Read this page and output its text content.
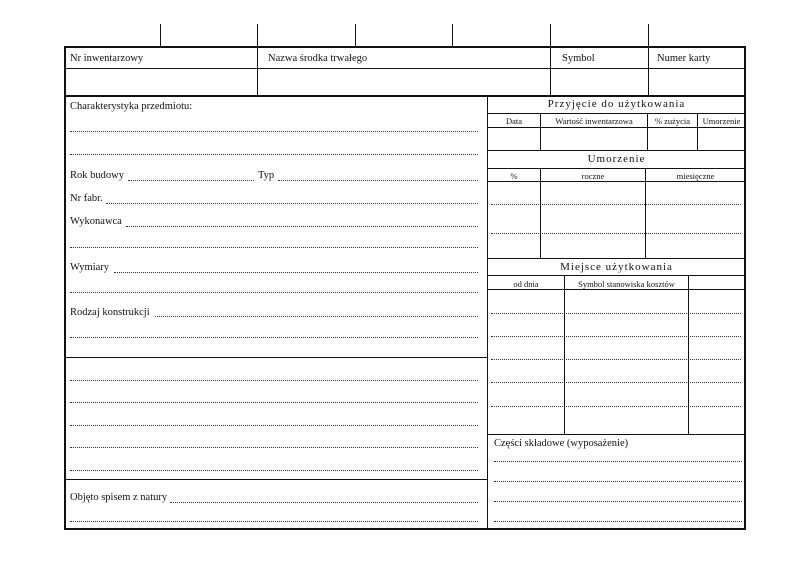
Nr inwentarzowy	Nazwa środka trwałego	Symbol	Numer karty
Charakterystyka przedmiotu:
Rok budowy	Typ
Nr fabr.
Wykonawca
Wymiary
Rodzaj konstrukcji
Objęto spisem z natury
Przyjęcie do użytkowania
Data	Wartość inwentarzowa	% zużycia	Umorzenie
Umorzenie
%	roczne	miesięczne
Miejsce użytkowania
od dnia	Symbol stanowiska kosztów
Części składowe (wyposażenie)
